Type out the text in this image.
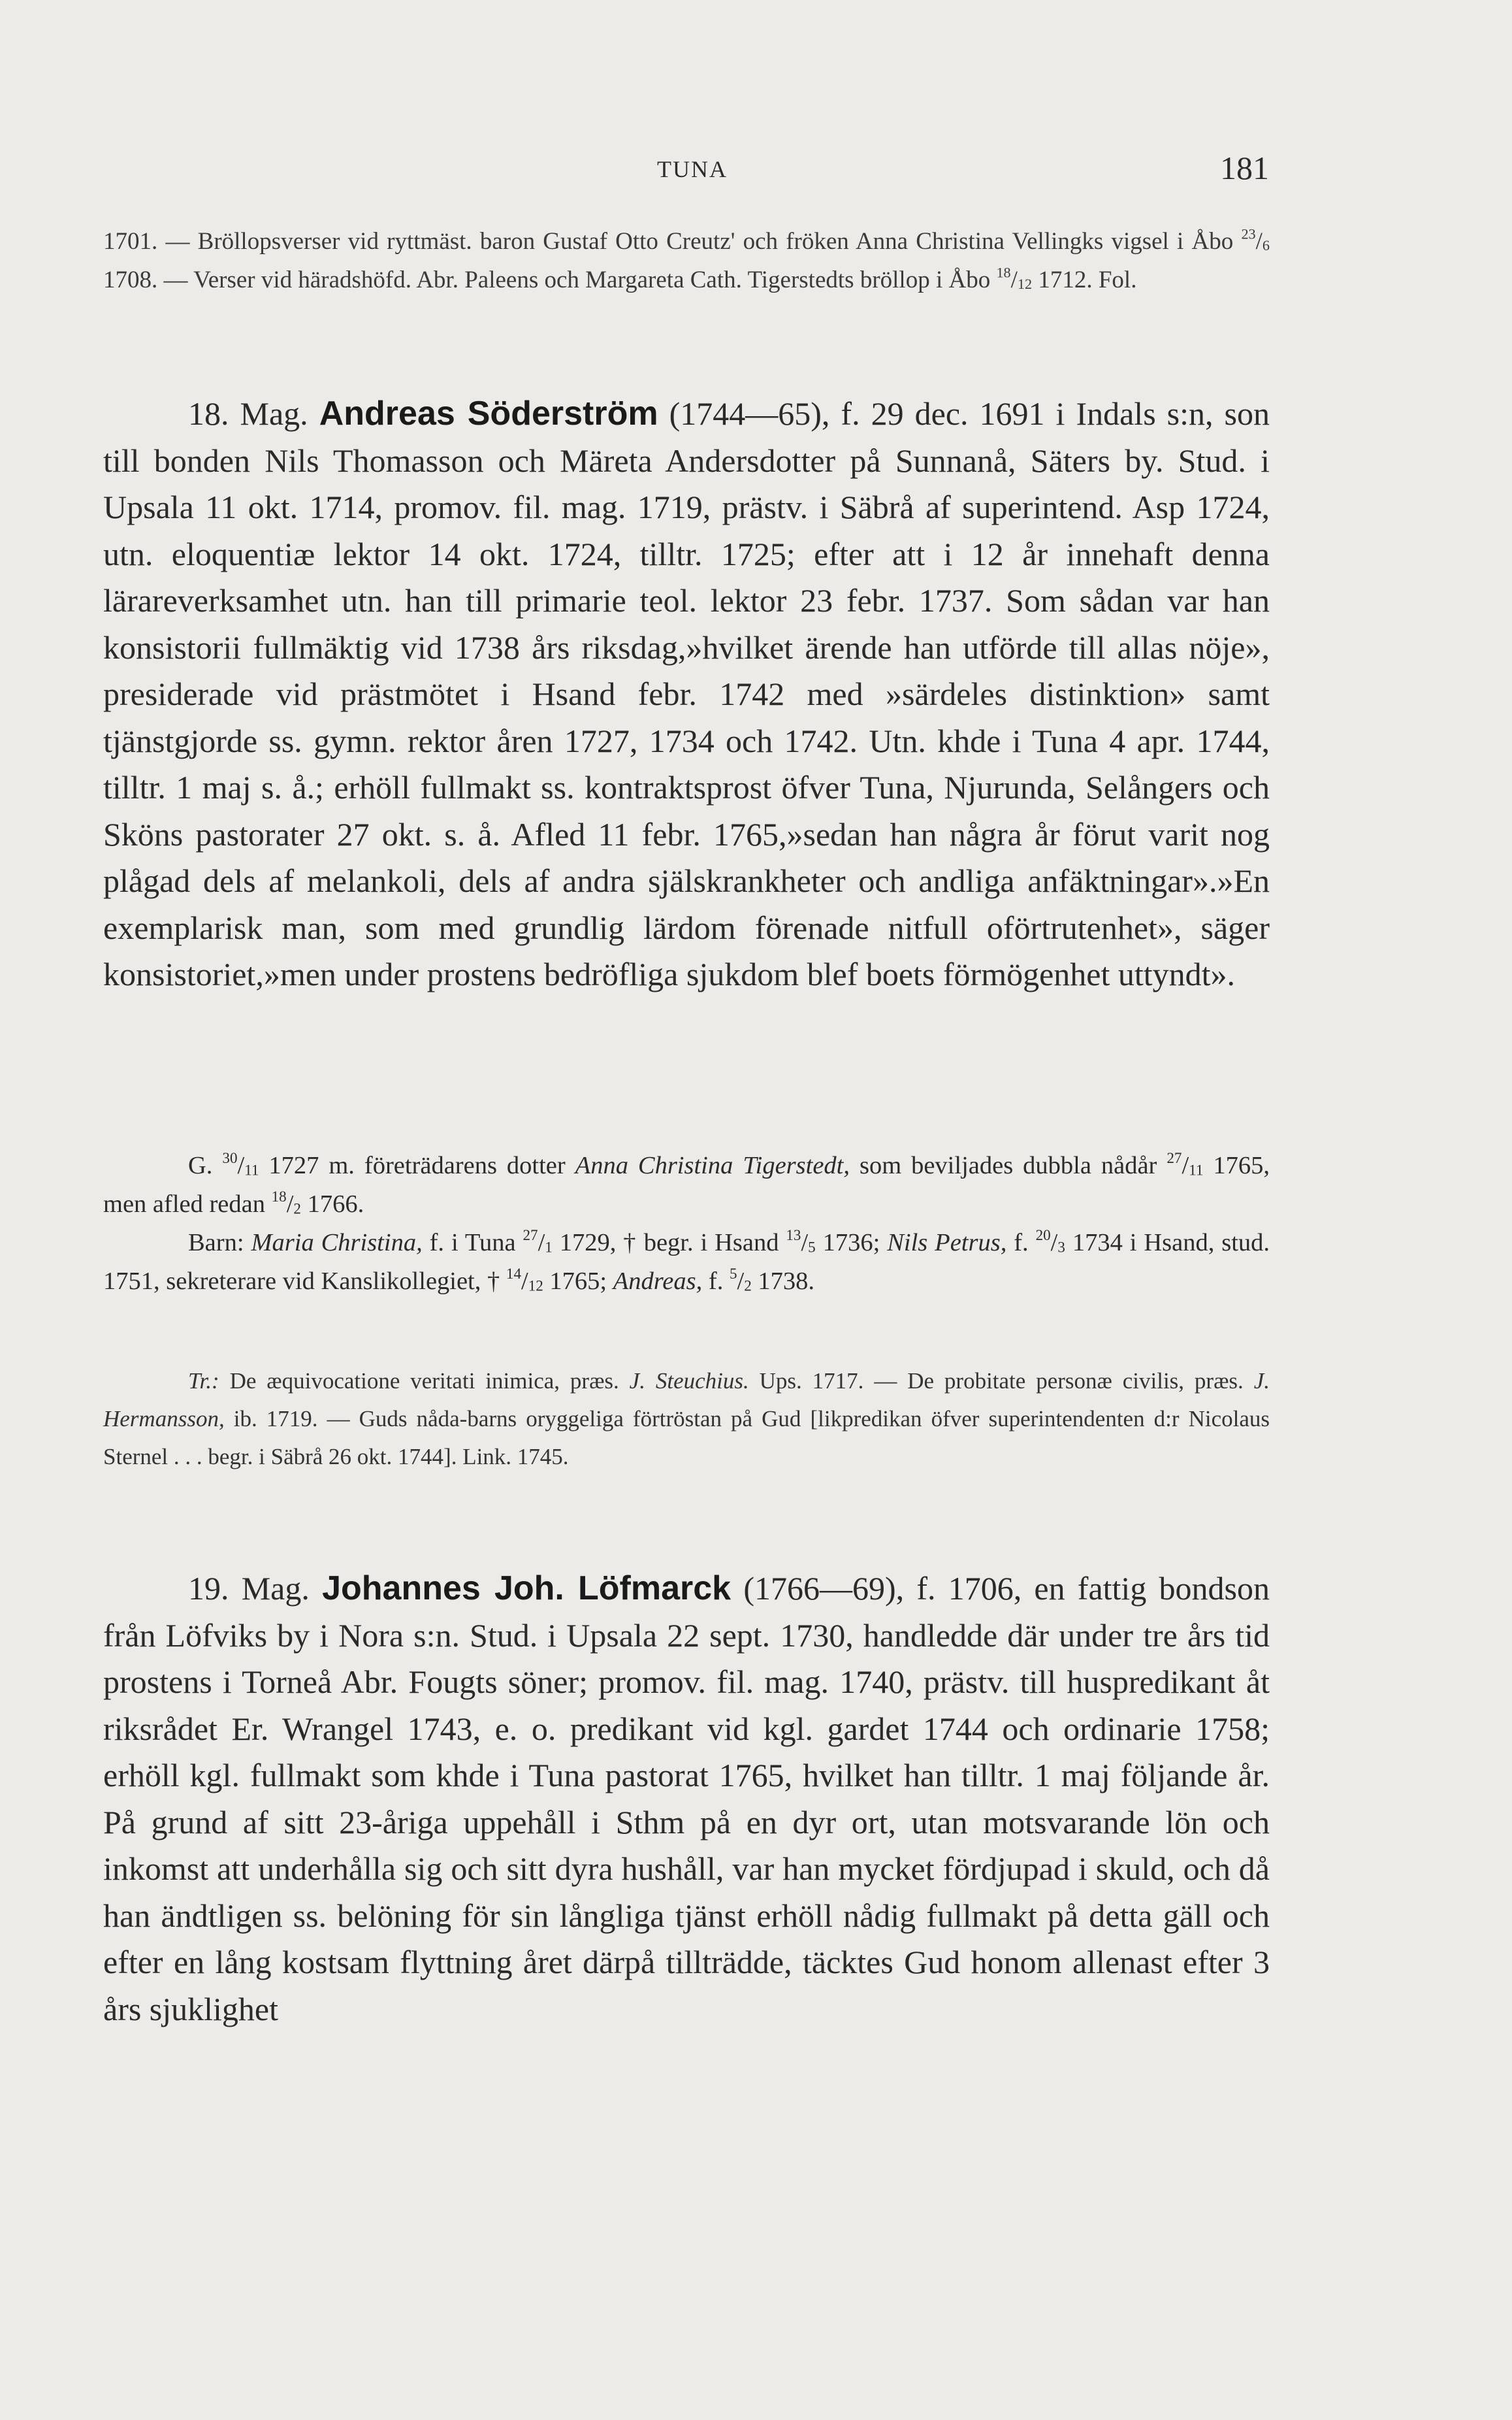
TUNA	181

1701. — Bröllopsverser vid ryttmäst. baron Gustaf Otto Creutz' och fröken Anna Christina Vellingks vigsel i Åbo $^{23}/_6$ 1708. — Verser vid häradshöfd. Abr. Paleens och Margareta Cath. Tigerstedts bröllop i Åbo $^{18}/_{12}$ 1712. Fol.

18. Mag. Andreas Söderström (1744—65), f. 29 dec. 1691 i Indals s:n, son till bonden Nils Thomasson och Märeta Andersdotter på Sunnanå, Säters by. Stud. i Upsala 11 okt. 1714, promov. fil. mag. 1719, prästv. i Säbrå af superintend. Asp 1724, utn. eloquentiæ lektor 14 okt. 1724, tilltr. 1725; efter att i 12 år innehaft denna lärareverksamhet utn. han till primarie teol. lektor 23 febr. 1737. Som sådan var han konsistorii fullmäktig vid 1738 års riksdag,»hvilket ärende han utförde till allas nöje», presiderade vid prästmötet i Hsand febr. 1742 med »särdeles distinktion» samt tjänstgjorde ss. gymn. rektor åren 1727, 1734 och 1742. Utn. khde i Tuna 4 apr. 1744, tilltr. 1 maj s. å.; erhöll fullmakt ss. kontraktsprost öfver Tuna, Njurunda, Selångers och Sköns pastorater 27 okt. s. å. Afled 11 febr. 1765,»sedan han några år förut varit nog plågad dels af melankoli, dels af andra själskrankheter och andliga anfäktningar».»En exemplarisk man, som med grundlig lärdom förenade nitfull oförtrutenhet», säger konsistoriet,»men under prostens bedröfliga sjukdom blef boets förmögenhet uttyndt».

G. $^{30}/_{11}$ 1727 m. företrädarens dotter Anna Christina Tigerstedt, som beviljades dubbla nådår $^{27}/_{11}$ 1765, men afled redan $^{18}/_2$ 1766.

Barn: Maria Christina, f. i Tuna $^{27}/_1$ 1729, † begr. i Hsand $^{13}/_5$ 1736; Nils Petrus, f. $^{20}/_3$ 1734 i Hsand, stud. 1751, sekreterare vid Kanslikollegiet, † $^{14}/_{12}$ 1765; Andreas, f. $^5/_2$ 1738.

Tr.: De æquivocatione veritati inimica, præs. J. Steuchius. Ups. 1717. — De probitate personæ civilis, præs. J. Hermansson, ib. 1719. — Guds nåda-barns oryggeliga förtröstan på Gud [likpredikan öfver superintendenten d:r Nicolaus Sternel . . . begr. i Säbrå 26 okt. 1744]. Link. 1745.

19. Mag. Johannes Joh. Löfmarck (1766—69), f. 1706, en fattig bondson från Löfviks by i Nora s:n. Stud. i Upsala 22 sept. 1730, handledde där under tre års tid prostens i Torneå Abr. Fougts söner; promov. fil. mag. 1740, prästv. till huspredikant åt riksrådet Er. Wrangel 1743, e. o. predikant vid kgl. gardet 1744 och ordinarie 1758; erhöll kgl. fullmakt som khde i Tuna pastorat 1765, hvilket han tilltr. 1 maj följande år. På grund af sitt 23-åriga uppehåll i Sthm på en dyr ort, utan motsvarande lön och inkomst att underhålla sig och sitt dyra hushåll, var han mycket fördjupad i skuld, och då han ändtligen ss. belöning för sin långliga tjänst erhöll nådig fullmakt på detta gäll och efter en lång kostsam flyttning året därpå tillträdde, täcktes Gud honom allenast efter 3 års sjuklighet
